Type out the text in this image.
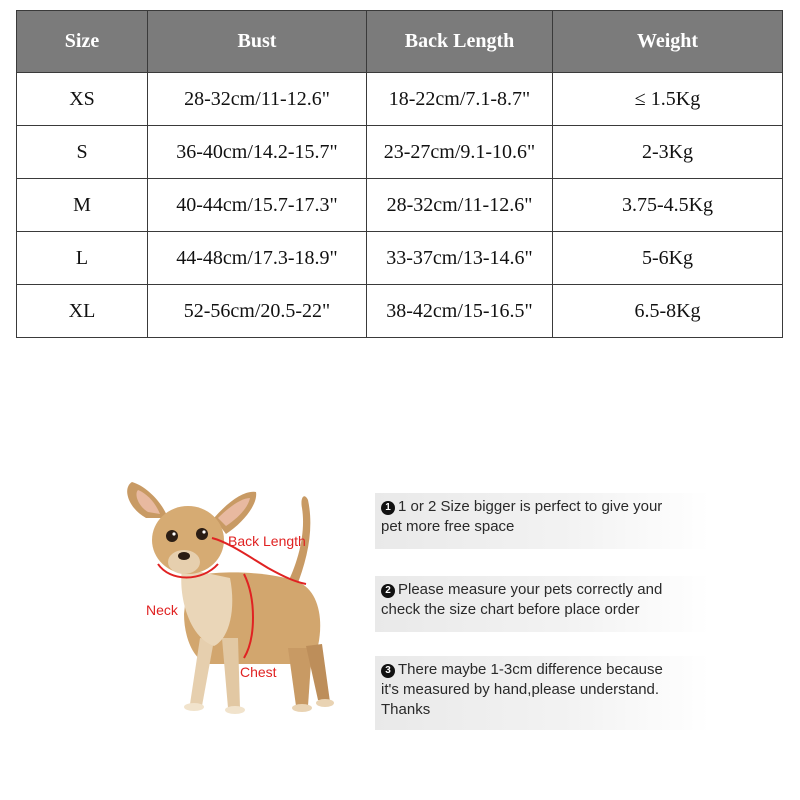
Size	Bust	Back Length	Weight
XS	28-32cm/11-12.6"	18-22cm/7.1-8.7"	≤ 1.5Kg
S	36-40cm/14.2-15.7"	23-27cm/9.1-10.6"	2-3Kg
M	40-44cm/15.7-17.3"	28-32cm/11-12.6"	3.75-4.5Kg
L	44-48cm/17.3-18.9"	33-37cm/13-14.6"	5-6Kg
XL	52-56cm/20.5-22"	38-42cm/15-16.5"	6.5-8Kg
Back Length
Neck
Chest
1 1 or 2 Size bigger is perfect to give your
pet more free space
2 Please measure your pets correctly and
check the size chart before place order
3 There maybe 1-3cm difference because
it's measured by hand,please understand.
Thanks
